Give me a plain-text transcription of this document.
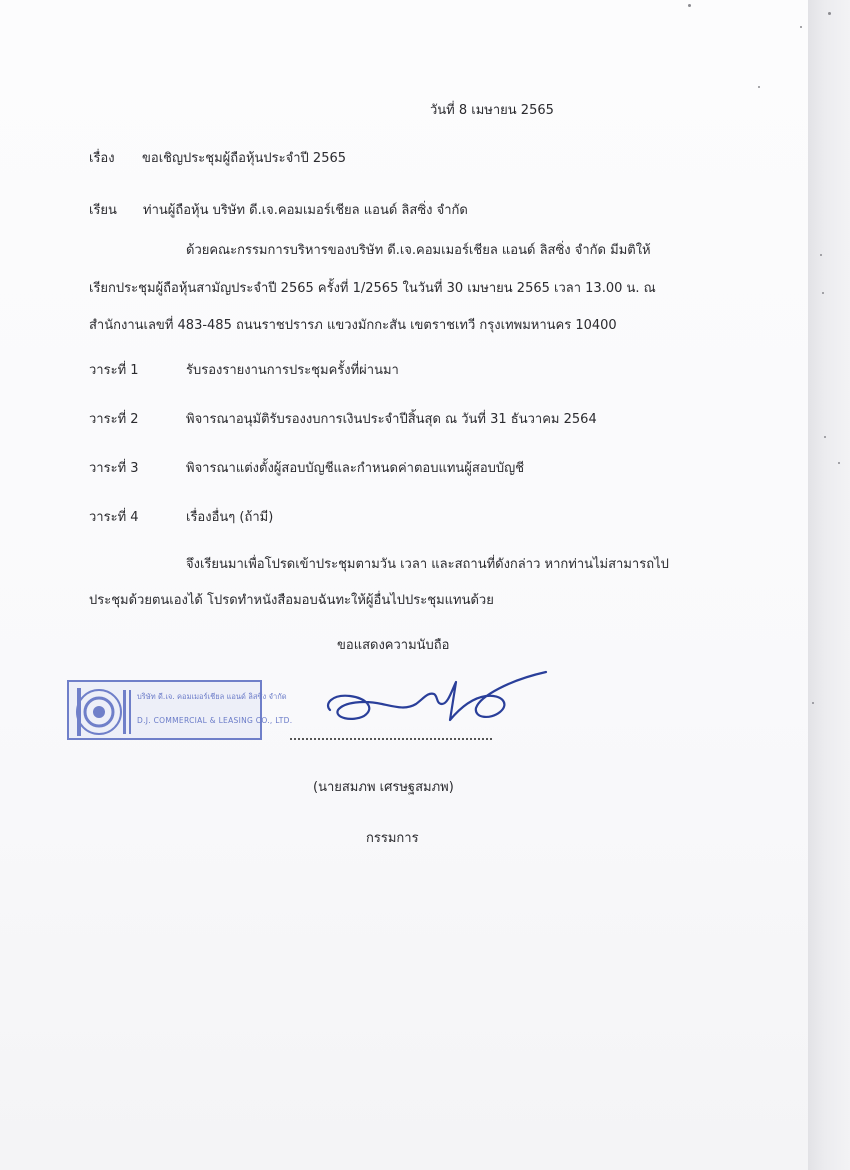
วันที่ 8 เมษายน 2565

เรื่อง ขอเชิญประชุมผู้ถือหุ้นประจำปี 2565

เรียน ท่านผู้ถือหุ้น บริษัท ดี.เจ.คอมเมอร์เชียล แอนด์ ลิสซิ่ง จำกัด

ด้วยคณะกรรมการบริหารของบริษัท ดี.เจ.คอมเมอร์เชียล แอนด์ ลิสซิ่ง จำกัด มีมติให้

เรียกประชุมผู้ถือหุ้นสามัญประจำปี 2565 ครั้งที่ 1/2565 ในวันที่ 30 เมษายน 2565 เวลา 13.00 น. ณ

สำนักงานเลขที่ 483-485 ถนนราชปรารภ แขวงมักกะสัน เขตราชเทวี กรุงเทพมหานคร 10400

วาระที่ 1	รับรองรายงานการประชุมครั้งที่ผ่านมา

วาระที่ 2	พิจารณาอนุมัติรับรองงบการเงินประจำปีสิ้นสุด ณ วันที่ 31 ธันวาคม 2564

วาระที่ 3	พิจารณาแต่งตั้งผู้สอบบัญชีและกำหนดค่าตอบแทนผู้สอบบัญชี

วาระที่ 4	เรื่องอื่นๆ (ถ้ามี)

จึงเรียนมาเพื่อโปรดเข้าประชุมตามวัน เวลา และสถานที่ดังกล่าว หากท่านไม่สามารถไป

ประชุมด้วยตนเองได้ โปรดทำหนังสือมอบฉันทะให้ผู้อื่นไปประชุมแทนด้วย

ขอแสดงความนับถือ

บริษัท ดี.เจ. คอมเมอร์เชียล แอนด์ ลิสซิ่ง จำกัด
D.J. COMMERCIAL & LEASING CO., LTD.

(นายสมภพ เศรษฐสมภพ)

กรรมการ
